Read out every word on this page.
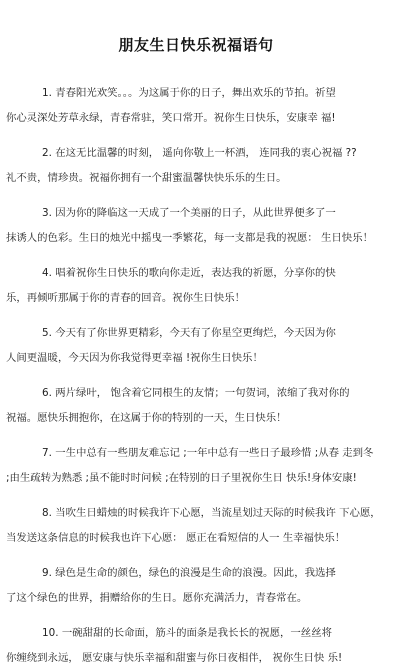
朋友生日快乐祝福语句
1. 青春阳光欢笑。。。为这属于你的日子，舞出欢乐的节拍。祈望
你心灵深处芳草永绿，青春常驻，笑口常开。祝你生日快乐，安康幸 福!
2. 在这无比温馨的时刻， 遥向你敬上一杯酒， 连同我的衷心祝福 ??
礼不贵，情珍贵。祝福你拥有一个甜蜜温馨快快乐乐的生日。
3. 因为你的降临这一天成了一个美丽的日子，从此世界便多了一
抹诱人的色彩。生日的烛光中摇曳一季繁花，每一支都是我的祝愿： 生日快乐！
4. 唱着祝你生日快乐的歌向你走近，表达我的祈愿，分享你的快
乐，再倾听那属于你的青春的回音。祝你生日快乐！
5. 今天有了你世界更精彩，今天有了你星空更绚烂，今天因为你
人间更温暖，今天因为你我觉得更幸福 !祝你生日快乐！
6. 两片绿叶， 饱含着它同根生的友情；一句贺词，浓缩了我对你的
祝福。愿快乐拥抱你，在这属于你的特别的一天，生日快乐！
7. 一生中总有一些朋友难忘记 ;一年中总有一些日子最珍惜 ;从春 走到冬
;由生疏转为熟悉 ;虽不能时时问候 ;在特别的日子里祝你生日 快乐!身体安康!
8. 当吹生日蜡烛的时候我许下心愿，当流星划过天际的时候我许 下心愿，
当发送这条信息的时候我也许下心愿： 愿正在看短信的人一 生幸福快乐！
9. 绿色是生命的颜色，绿色的浪漫是生命的浪漫。因此，我选择
了这个绿色的世界，捐赠给你的生日。愿你充满活力，青春常在。
10. 一碗甜甜的长命面，筋斗的面条是我长长的祝愿，一丝丝将
你缠绕到永远， 愿安康与快乐幸福和甜蜜与你日夜相伴， 祝你生日快 乐!
